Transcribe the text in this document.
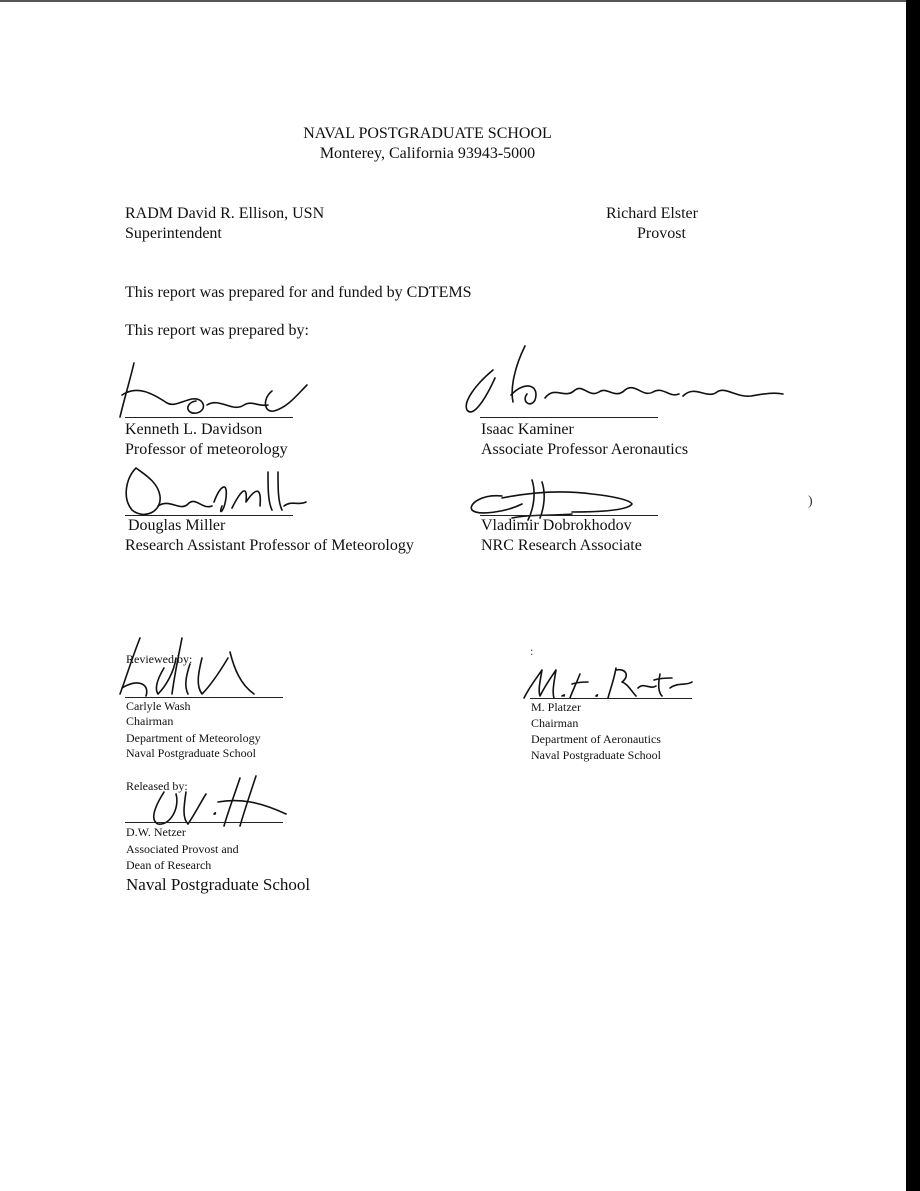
NAVAL POSTGRADUATE SCHOOL
Monterey, California 93943-5000
RADM David R. Ellison, USN
Superintendent
Richard Elster
Provost
This report was prepared for and funded by CDTEMS
This report was prepared by:
Kenneth L. Davidson
Professor of meteorology
Isaac Kaminer
Associate Professor Aeronautics
Douglas Miller
Research Assistant Professor of Meteorology
Vladimir Dobrokhodov
NRC Research Associate
)
Reviewed by:
Carlyle Wash
Chairman
Department of Meteorology
Naval Postgraduate School
:
M. Platzer
Chairman
Department of Aeronautics
Naval Postgraduate School
Released by:
D.W. Netzer
Associated Provost and
Dean of Research
Naval Postgraduate School
